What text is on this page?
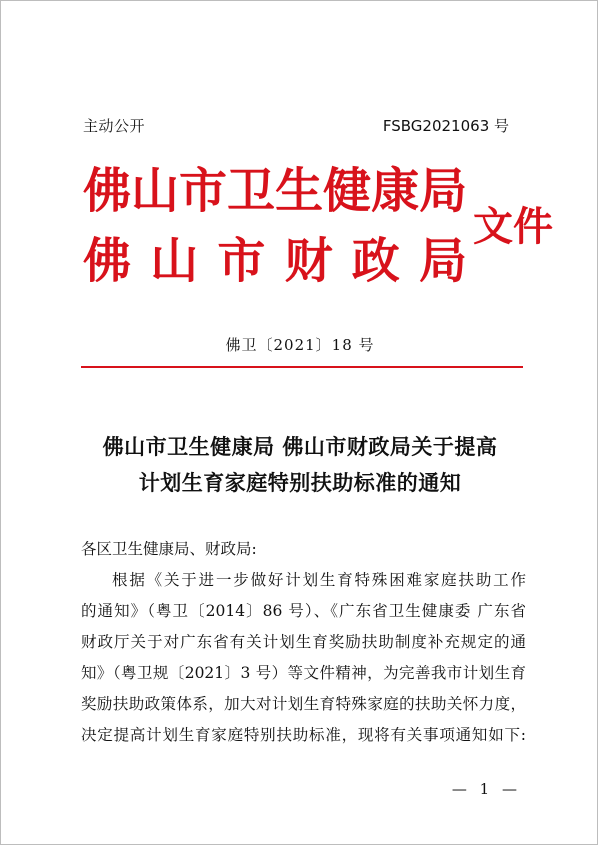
主动公开	FSBG2021063 号
佛 山 市 卫 生 健 康 局
佛 山 市 财 政 局
文件
佛卫〔2021〕18 号
佛山市卫生健康局 佛山市财政局关于提高
计划生育家庭特别扶助标准的通知
各区卫生健康局、财政局:
根据《关于进一步做好计划生育特殊困难家庭扶助工作
的通知》（粤卫〔2014〕86 号）、《广东省卫生健康委 广东省
财政厅关于对广东省有关计划生育奖励扶助制度补充规定的通
知》（粤卫规〔2021〕3 号）等文件精神，为完善我市计划生育
奖励扶助政策体系，加大对计划生育特殊家庭的扶助关怀力度，
决定提高计划生育家庭特别扶助标准，现将有关事项通知如下:
— 1 —
